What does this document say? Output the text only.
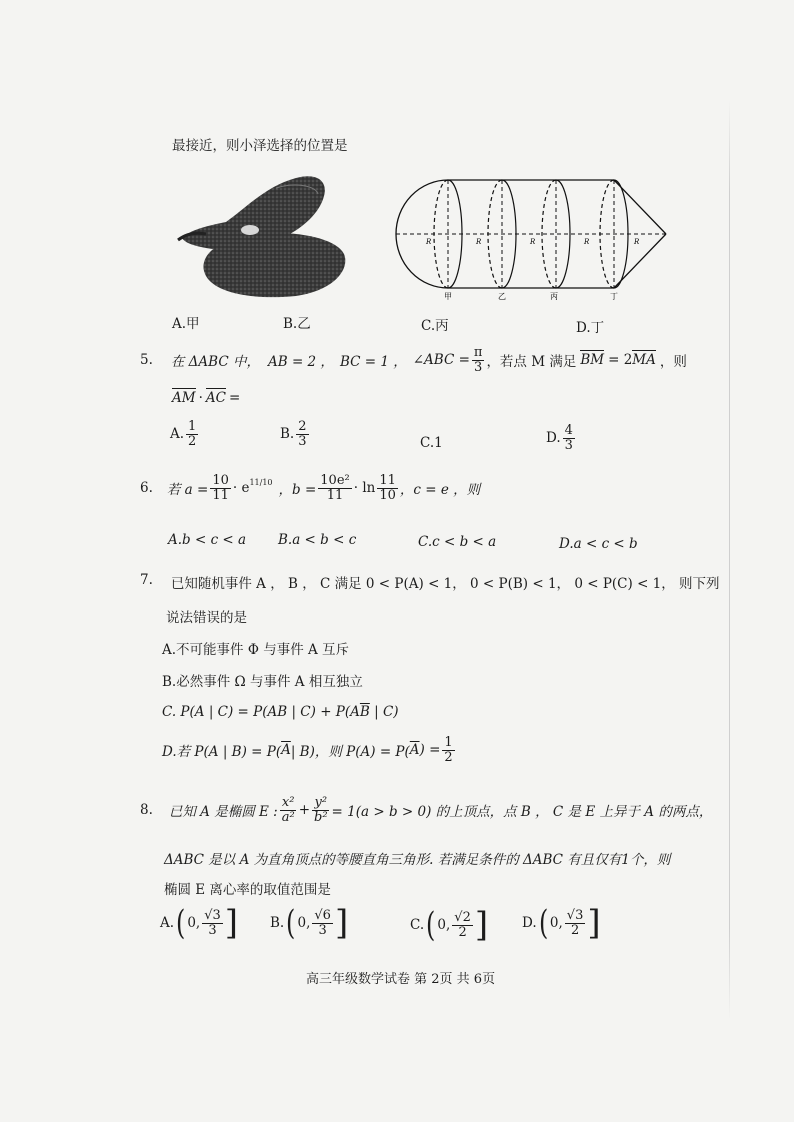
最接近，则小泽选择的位置是
R	R	R	R	R
甲	乙	丙	丁
A.甲	B.乙	C.丙	D.丁
5. 在 ΔABC 中， AB = 2 ， BC = 1 ， ∠ABC = $\frac{\pi}{3}$ ，若点 M 满足 BM = 2 MA ，则
AM · AC =
A. $\frac{1}{2}$	B. $\frac{2}{3}$	C.1	D. $\frac{4}{3}$
6. 若 $a = \frac{10}{11} \cdot e^{11/10}$ ，$b = \frac{\text{10e²}}{11} \cdot \ln \frac{11}{10}$ ，c = e ，则
A.b < c < a B.a < b < c	C.c < b < a	D.a < c < b
7. 已知随机事件 A ， B ， C 满足 0 < P(A) < 1， 0 < P(B) < 1， 0 < P(C) < 1， 则下列
说法错误的是
A.不可能事件 Φ 与事件 A 互斥
B.必然事件 Ω 与事件 A 相互独立
C. P(A | C) = P(AB | $C) + P(A\overline{B}$ | C)
D.若 P(A | B) = P( $\overline{A}$ | B)，则 P(A) = P( $\overline{A}$ ) = $\frac{1}{2}$
8. 已知 A 是椭圆 E : $\frac{\text{x²}}{\text{a²}} + \frac{\text{y²}}{\text{b²}} = 1(a > b > 0)$ 的上顶点，点 B ， C 是 E 上异于 A 的两点，
ΔABC 是以 A 为直角顶点的等腰直角三角形. 若满足条件的 ΔABC 有且仅有1个，则
椭圆 E 离心率的取值范围是
A. ( 0, $\frac{√3}{3}$ ] B. ( 0, $\frac{√6}{3}$ ]	C. ( 0, $\frac{√2}{2}$ ]	D. ( 0, $\frac{√3}{2}$ ]
高三年级数学试卷 第 2页 共 6页
